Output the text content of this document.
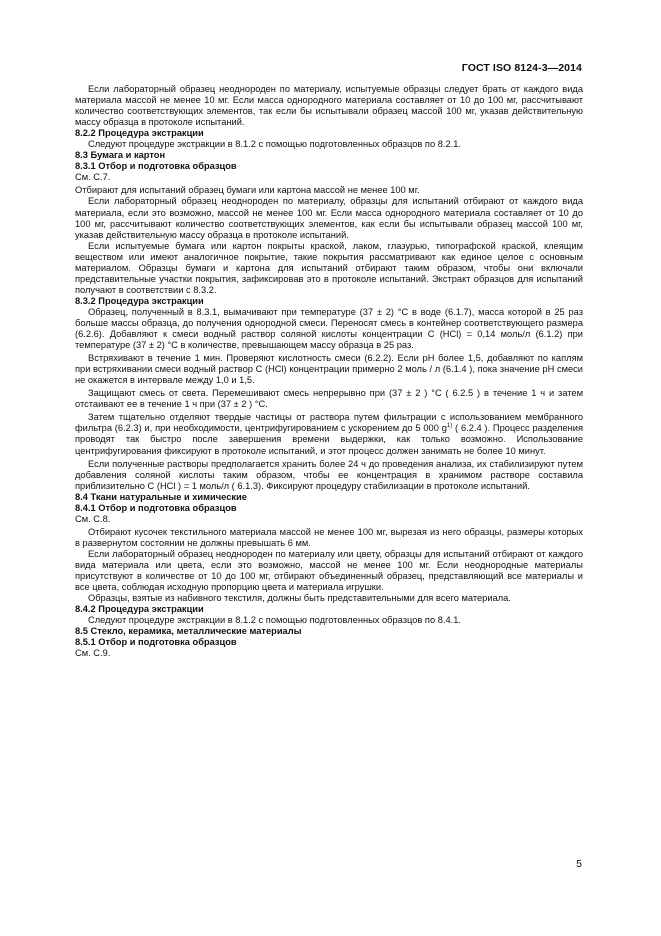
ГОСТ ISO 8124-3—2014

Если лабораторный образец неоднороден по материалу, испытуемые образцы следует брать от каждого вида материала массой не менее 10 мг. Если масса однородного материала составляет от 10 до 100 мг, рассчитывают количество соответствующих элементов, так если бы испытывали образец массой 100 мг, указав действительную массу образца в протоколе испытаний.

8.2.2 Процедура экстракции

Следуют процедуре экстракции в 8.1.2 с помощью подготовленных образцов по 8.2.1.

8.3 Бумага и картон

8.3.1 Отбор и подготовка образцов

См. С.7.

Отбирают для испытаний образец бумаги или картона массой не менее 100 мг.

Если лабораторный образец неоднороден по материалу, образцы для испытаний отбирают от каждого вида материала, если это возможно, массой не менее 100 мг. Если масса однородного материала составляет от 10 до 100 мг, рассчитывают количество соответствующих элементов, как если бы испытывали образец массой 100 мг, указав действительную массу образца в протоколе испытаний.

Если испытуемые бумага или картон покрыты краской, лаком, глазурью, типографской краской, клеящим веществом или имеют аналогичное покрытие, такие покрытия рассматривают как единое целое с основным материалом. Образцы бумаги и картона для испытаний отбирают таким образом, чтобы они включали представительные участки покрытия, зафиксировав это в протоколе испытаний. Экстракт образцов для испытаний получают в соответствии с 8.3.2.

8.3.2 Процедура экстракции

Образец, полученный в 8.3.1, вымачивают при температуре (37 ± 2) °C в воде (6.1.7), масса которой в 25 раз больше массы образца, до получения однородной смеси. Переносят смесь в контейнер соответствующего размера (6.2.6). Добавляют к смеси водный раствор соляной кислоты концентрации C (HCl) = 0,14 моль/л (6.1.2) при температуре (37 ± 2) °C в количестве, превышающем массу образца в 25 раз.

Встряхивают в течение 1 мин. Проверяют кислотность смеси (6.2.2). Если pH более 1,5, добавляют по каплям при встряхивании смеси водный раствор C (HCl) концентрации примерно 2 моль / л (6.1.4 ), пока значение pH смеси не окажется в интервале между 1,0 и 1,5.

Защищают смесь от света. Перемешивают смесь непрерывно при (37 ± 2 ) °C ( 6.2.5 ) в течение 1 ч и затем отстаивают ее в течение 1 ч при (37 ± 2 ) °C.

Затем тщательно отделяют твердые частицы от раствора путем фильтрации с использованием мембранного фильтра (6.2.3) и, при необходимости, центрифугированием с ускорением до 5 000 $g^{1)}$ ( 6.2.4 ). Процесс разделения проводят так быстро после завершения времени выдержки, как только возможно. Использование центрифугирования фиксируют в протоколе испытаний, и этот процесс должен занимать не более 10 минут.

Если полученные растворы предполагается хранить более 24 ч до проведения анализа, их стабилизируют путем добавления соляной кислоты таким образом, чтобы ее концентрация в хранимом растворе составила приблизительно C (HCl ) = 1 моль/л ( 6.1.3). Фиксируют процедуру стабилизации в протоколе испытаний.

8.4 Ткани натуральные и химические

8.4.1 Отбор и подготовка образцов

См. С.8.

Отбирают кусочек текстильного материала массой не менее 100 мг, вырезая из него образцы, размеры которых в развернутом состоянии не должны превышать 6 мм.

Если лабораторный образец неоднороден по материалу или цвету, образцы для испытаний отбирают от каждого вида материала или цвета, если это возможно, массой не менее 100 мг. Если неоднородные материалы присутствуют в количестве от 10 до 100 мг, отбирают объединенный образец, представляющий все материалы и все цвета, соблюдая исходную пропорцию цвета и материала игрушки.

Образцы, взятые из набивного текстиля, должны быть представительными для всего материала.

8.4.2 Процедура экстракции

Следуют процедуре экстракции в 8.1.2 с помощью подготовленных образцов по 8.4.1.

8.5 Стекло, керамика, металлические материалы

8.5.1 Отбор и подготовка образцов

См. С.9.

5
